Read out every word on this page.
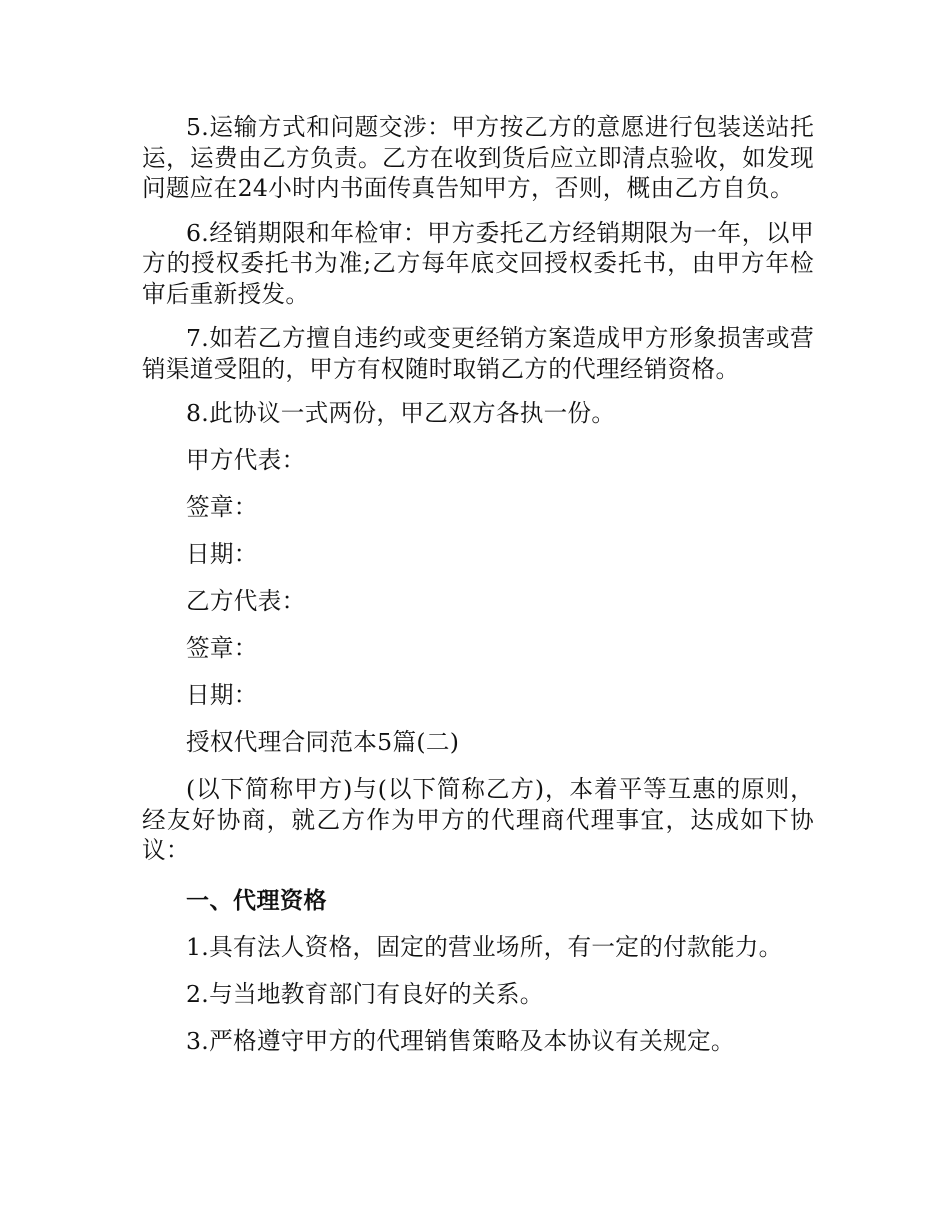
5.运输方式和问题交涉：甲方按乙方的意愿进行包装送站托运，运费由乙方负责。乙方在收到货后应立即清点验收，如发现问题应在24小时内书面传真告知甲方，否则，概由乙方自负。

6.经销期限和年检审：甲方委托乙方经销期限为一年，以甲方的授权委托书为准;乙方每年底交回授权委托书，由甲方年检审后重新授发。

7.如若乙方擅自违约或变更经销方案造成甲方形象损害或营销渠道受阻的，甲方有权随时取销乙方的代理经销资格。

8.此协议一式两份，甲乙双方各执一份。
甲方代表：
签章：
日期：
乙方代表：
签章：
日期：
授权代理合同范本5篇(二)

(以下简称甲方)与(以下简称乙方)，本着平等互惠的原则，经友好协商，就乙方作为甲方的代理商代理事宜，达成如下协议：

一、代理资格
1.具有法人资格，固定的营业场所，有一定的付款能力。
2.与当地教育部门有良好的关系。
3.严格遵守甲方的代理销售策略及本协议有关规定。
